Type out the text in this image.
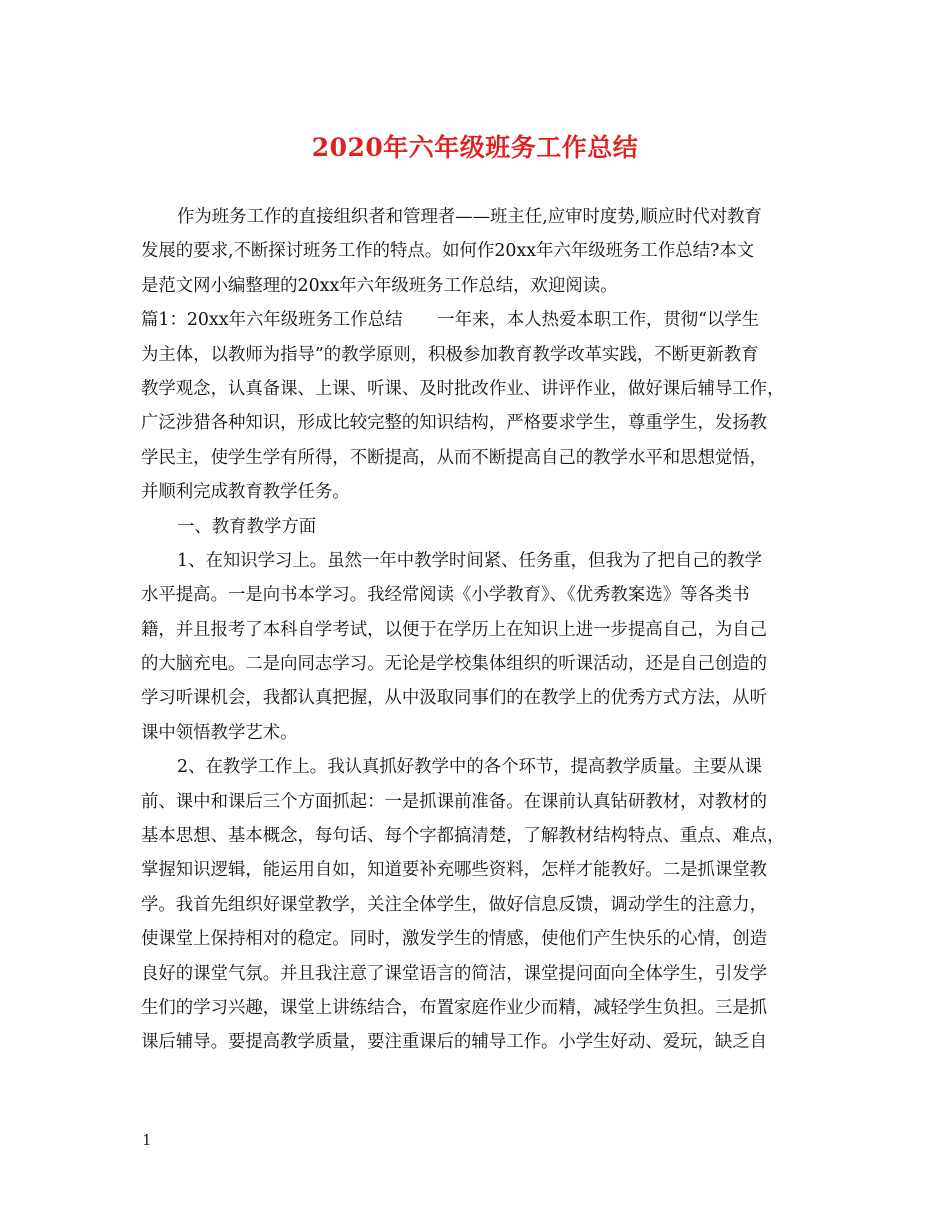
2020年六年级班务工作总结
作为班务工作的直接组织者和管理者——班主任,应审时度势,顺应时代对教育
发展的要求,不断探讨班务工作的特点。如何作20xx年六年级班务工作总结?本文
是范文网小编整理的20xx年六年级班务工作总结，欢迎阅读。
篇1：20xx年六年级班务工作总结　　一年来，本人热爱本职工作，贯彻“以学生
为主体，以教师为指导”的教学原则，积极参加教育教学改革实践，不断更新教育
教学观念，认真备课、上课、听课、及时批改作业、讲评作业，做好课后辅导工作，
广泛涉猎各种知识，形成比较完整的知识结构，严格要求学生，尊重学生，发扬教
学民主，使学生学有所得，不断提高，从而不断提高自己的教学水平和思想觉悟，
并顺利完成教育教学任务。
一、教育教学方面
1、在知识学习上。虽然一年中教学时间紧、任务重，但我为了把自己的教学
水平提高。一是向书本学习。我经常阅读《小学教育》、《优秀教案选》等各类书
籍，并且报考了本科自学考试，以便于在学历上在知识上进一步提高自己，为自己
的大脑充电。二是向同志学习。无论是学校集体组织的听课活动，还是自己创造的
学习听课机会，我都认真把握，从中汲取同事们的在教学上的优秀方式方法，从听
课中领悟教学艺术。
2、在教学工作上。我认真抓好教学中的各个环节，提高教学质量。主要从课
前、课中和课后三个方面抓起：一是抓课前准备。在课前认真钻研教材，对教材的
基本思想、基本概念，每句话、每个字都搞清楚，了解教材结构特点、重点、难点，
掌握知识逻辑，能运用自如，知道要补充哪些资料，怎样才能教好。二是抓课堂教
学。我首先组织好课堂教学，关注全体学生，做好信息反馈，调动学生的注意力，
使课堂上保持相对的稳定。同时，激发学生的情感，使他们产生快乐的心情，创造
良好的课堂气氛。并且我注意了课堂语言的简洁，课堂提问面向全体学生，引发学
生们的学习兴趣，课堂上讲练结合，布置家庭作业少而精，减轻学生负担。三是抓
课后辅导。要提高教学质量，要注重课后的辅导工作。小学生好动、爱玩，缺乏自
1
